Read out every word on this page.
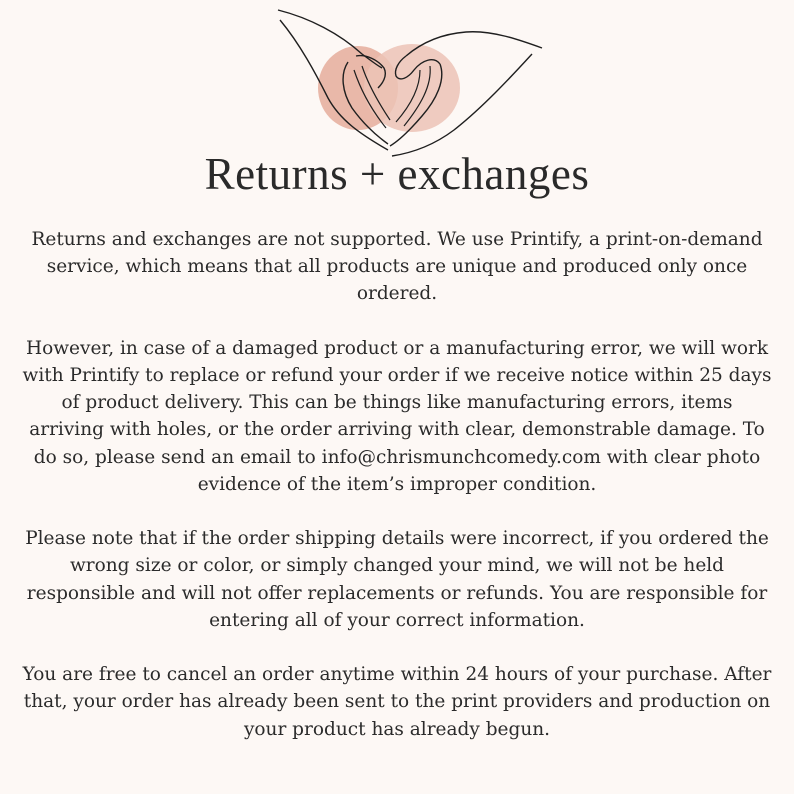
Returns + exchanges

Returns and exchanges are not supported. We use Printify, a print-on-demand service, which means that all products are unique and produced only once ordered.

However, in case of a damaged product or a manufacturing error, we will work with Printify to replace or refund your order if we receive notice within 25 days of product delivery. This can be things like manufacturing errors, items arriving with holes, or the order arriving with clear, demonstrable damage. To do so, please send an email to info@chrismunchcomedy.com with clear photo evidence of the item’s improper condition.

Please note that if the order shipping details were incorrect, if you ordered the wrong size or color, or simply changed your mind, we will not be held responsible and will not offer replacements or refunds. You are responsible for entering all of your correct information.

You are free to cancel an order anytime within 24 hours of your purchase. After that, your order has already been sent to the print providers and production on your product has already begun.
